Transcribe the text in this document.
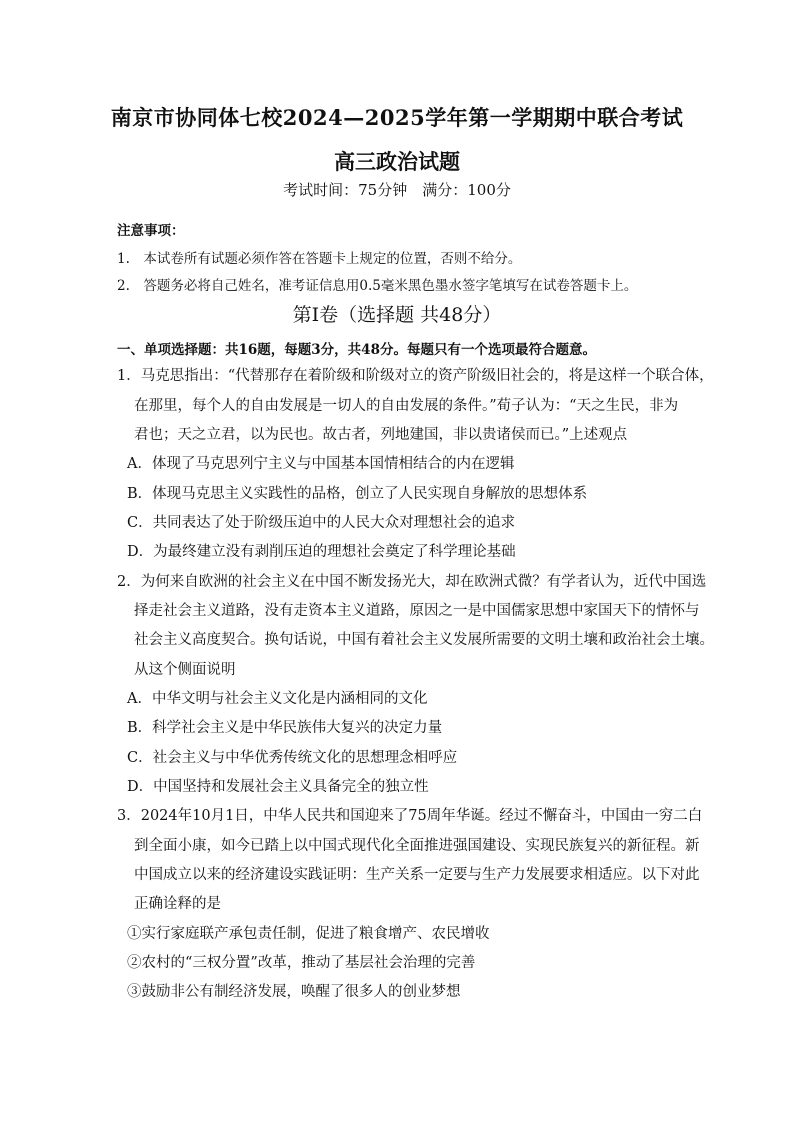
南京市协同体七校2024—2025学年第一学期期中联合考试
高三政治试题
考试时间：75分钟　满分：100分
注意事项：
1.　本试卷所有试题必须作答在答题卡上规定的位置，否则不给分。
2.　答题务必将自己姓名，准考证信息用0.5毫米黑色墨水签字笔填写在试卷答题卡上。
第Ⅰ卷（选择题 共48分）
一、单项选择题：共16题，每题3分，共48分。每题只有一个选项最符合题意。
1．马克思指出：“代替那存在着阶级和阶级对立的资产阶级旧社会的，将是这样一个联合体，
在那里，每个人的自由发展是一切人的自由发展的条件。”荀子认为：“天之生民，非为
君也；天之立君，以为民也。故古者，列地建国，非以贵诸侯而已。”上述观点
A．体现了马克思列宁主义与中国基本国情相结合的内在逻辑
B．体现马克思主义实践性的品格，创立了人民实现自身解放的思想体系
C．共同表达了处于阶级压迫中的人民大众对理想社会的追求
D．为最终建立没有剥削压迫的理想社会奠定了科学理论基础
2．为何来自欧洲的社会主义在中国不断发扬光大，却在欧洲式微？有学者认为，近代中国选
择走社会主义道路，没有走资本主义道路，原因之一是中国儒家思想中家国天下的情怀与
社会主义高度契合。换句话说，中国有着社会主义发展所需要的文明土壤和政治社会土壤。
从这个侧面说明
A．中华文明与社会主义文化是内涵相同的文化
B．科学社会主义是中华民族伟大复兴的决定力量
C．社会主义与中华优秀传统文化的思想理念相呼应
D．中国坚持和发展社会主义具备完全的独立性
3．2024年10月1日，中华人民共和国迎来了75周年华诞。经过不懈奋斗，中国由一穷二白
到全面小康，如今已踏上以中国式现代化全面推进强国建设、实现民族复兴的新征程。新
中国成立以来的经济建设实践证明：生产关系一定要与生产力发展要求相适应。以下对此
正确诠释的是
①实行家庭联产承包责任制，促进了粮食增产、农民增收
②农村的“三权分置”改革，推动了基层社会治理的完善
③鼓励非公有制经济发展，唤醒了很多人的创业梦想
